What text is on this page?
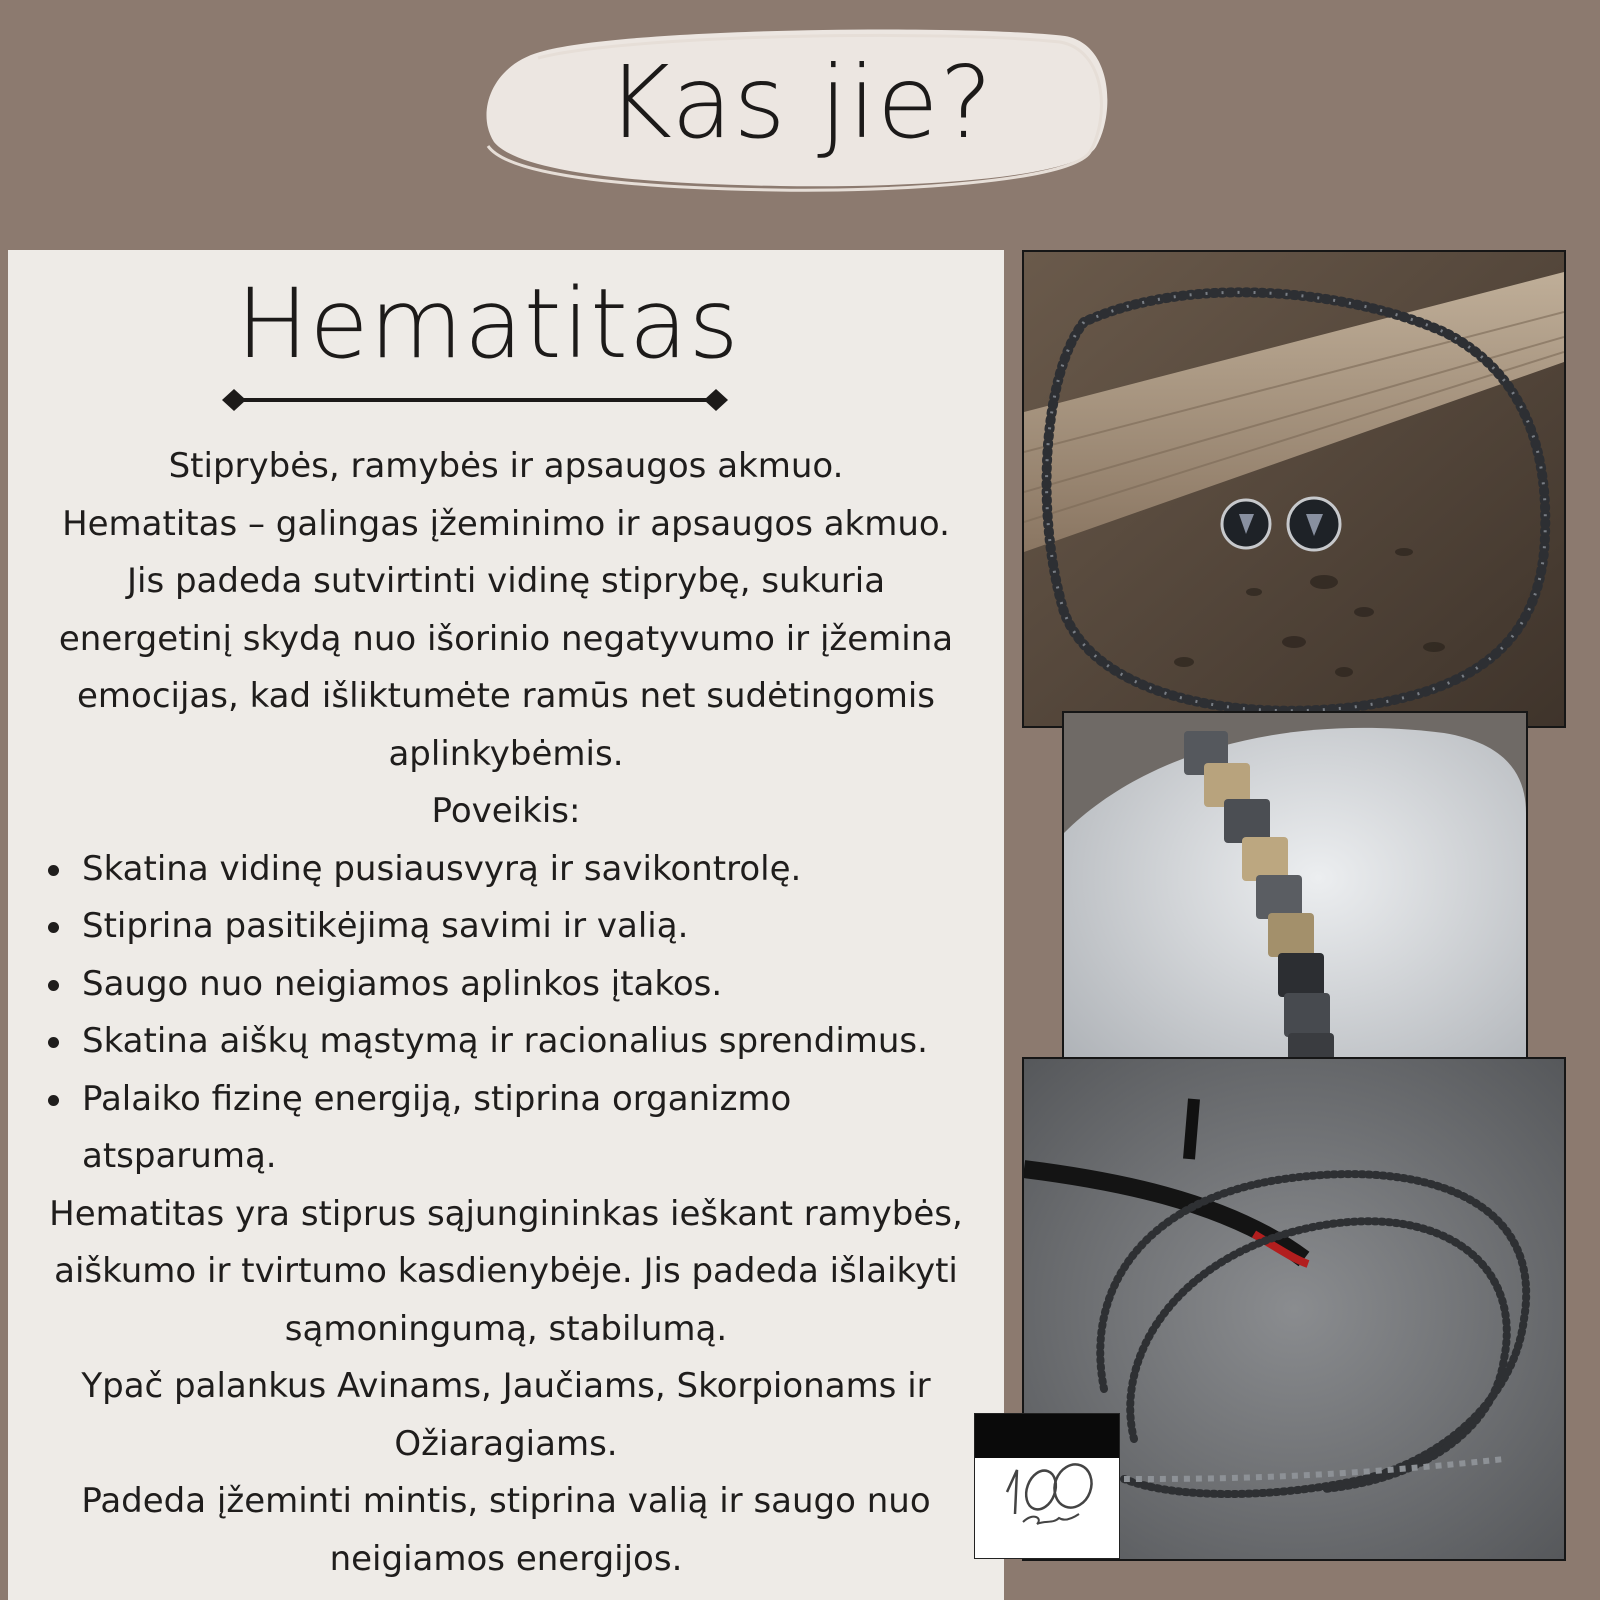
Kas jie?
Hematitas
Stiprybės, ramybės ir apsaugos akmuo.
Hematitas – galingas įžeminimo ir apsaugos akmuo.
Jis padeda sutvirtinti vidinę stiprybę, sukuria
energetinį skydą nuo išorinio negatyvumo ir įžemina
emocijas, kad išliktumėte ramūs net sudėtingomis
aplinkybėmis.
Poveikis:
Skatina vidinę pusiausvyrą ir savikontrolę.
Stiprina pasitikėjimą savimi ir valią.
Saugo nuo neigiamos aplinkos įtakos.
Skatina aiškų mąstymą ir racionalius sprendimus.
Palaiko fizinę energiją, stiprina organizmo
atsparumą.
Hematitas yra stiprus sąjungininkas ieškant ramybės,
aiškumo ir tvirtumo kasdienybėje. Jis padeda išlaikyti
sąmoningumą, stabilumą.
Ypač palankus Avinams, Jaučiams, Skorpionams ir
Ožiaragiams.
Padeda įžeminti mintis, stiprina valią ir saugo nuo
neigiamos energijos.
